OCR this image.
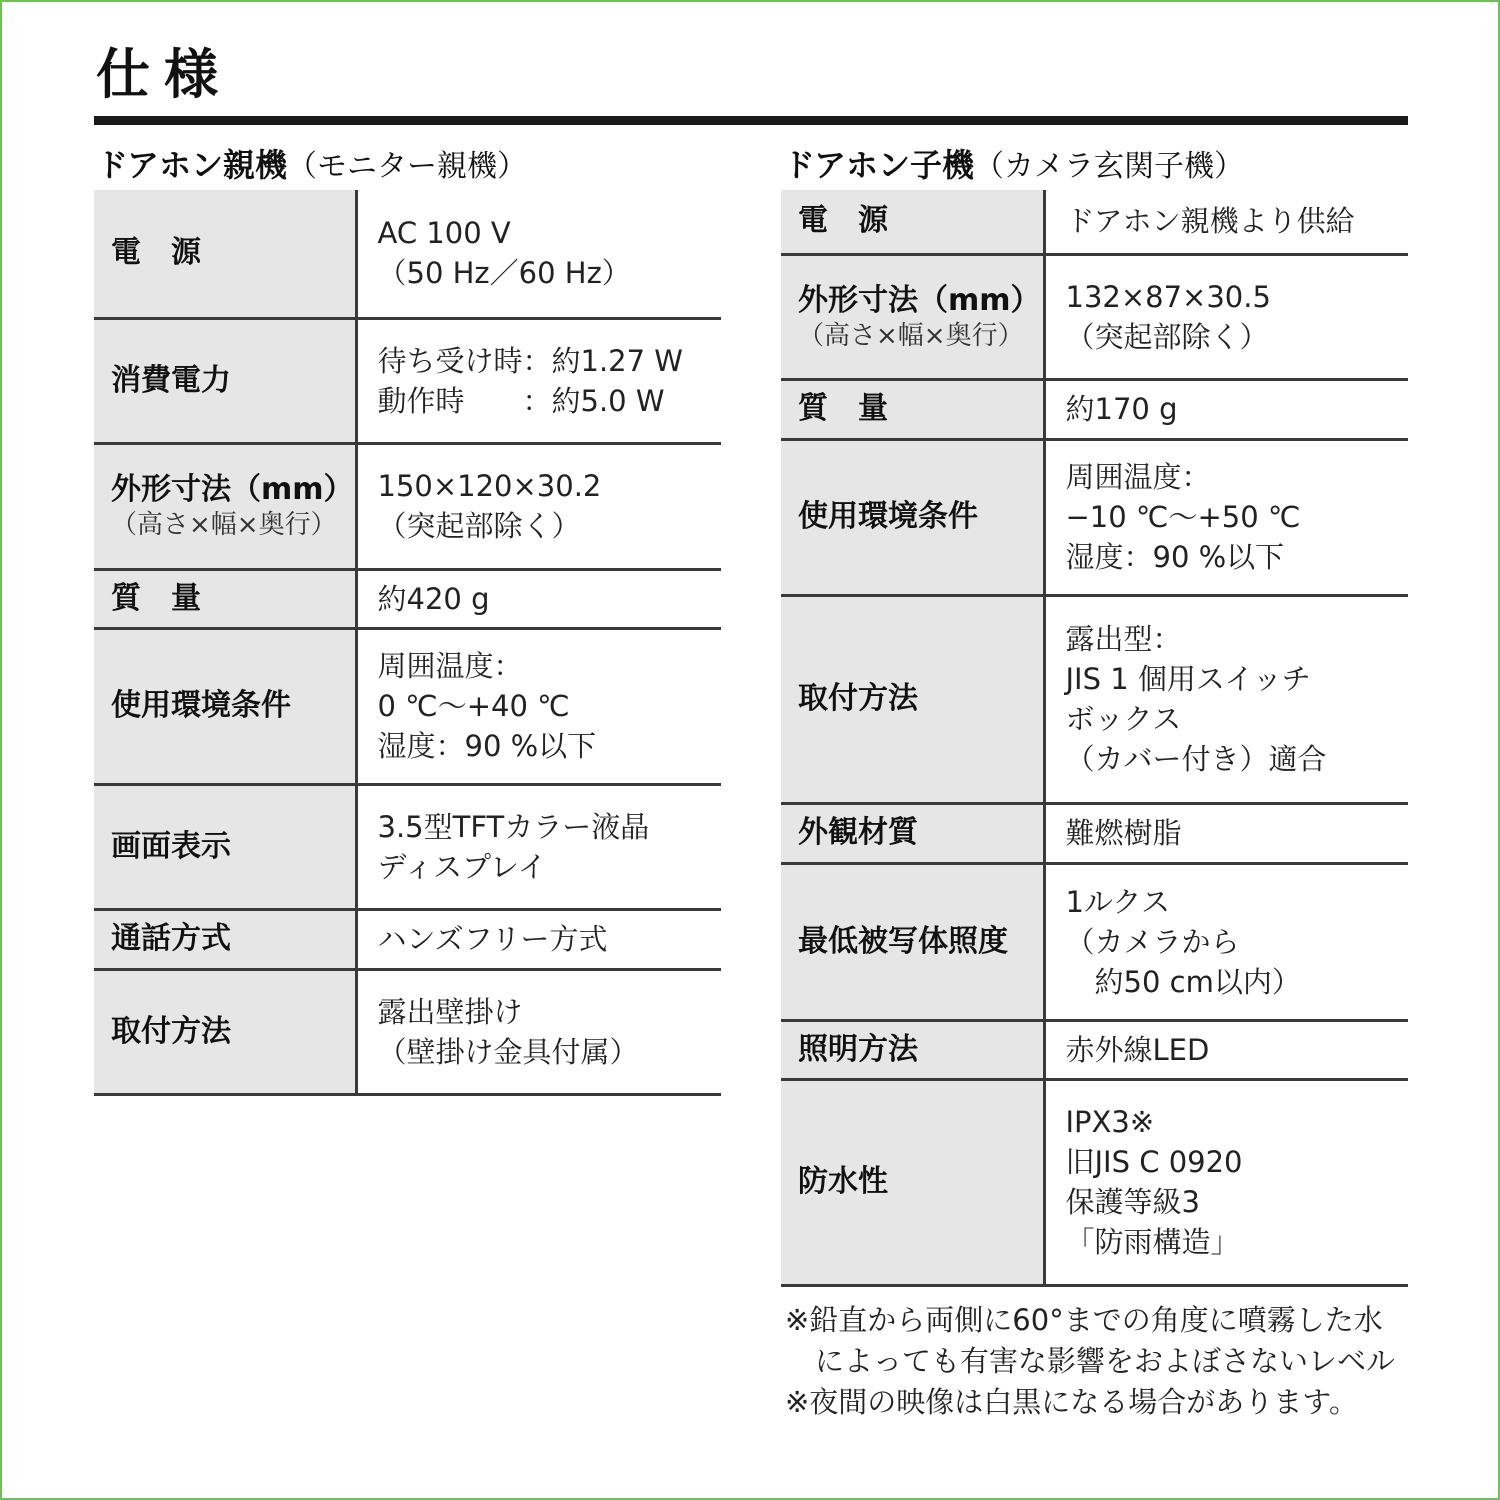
仕様
ドアホン親機（モニター親機）	ドアホン子機（カメラ玄関子機）
電　源	AC 100 V
（50 Hz／60 Hz）
消費電力	待ち受け時：約1.27 W
動作時　　：約5.0 W
外形寸法（mm）
（高さ×幅×奥行）	150×120×30.2
（突起部除く）
質　量	約420 g
使用環境条件	周囲温度：
0 ℃～+40 ℃
湿度：90 %以下
画面表示	3.5型TFTカラー液晶
ディスプレイ
通話方式	ハンズフリー方式
取付方法	露出壁掛け
（壁掛け金具付属）
電　源	ドアホン親機より供給
外形寸法（mm）
（高さ×幅×奥行）	132×87×30.5
（突起部除く）
質　量	約170 g
使用環境条件	周囲温度：
−10 ℃～+50 ℃
湿度：90 %以下
取付方法	露出型：
JIS 1 個用スイッチ
ボックス
（カバー付き）適合
外観材質	難燃樹脂
最低被写体照度	1ルクス
（カメラから
　約50 cm以内）
照明方法	赤外線LED
防水性	IPX3※
旧JIS C 0920
保護等級3
「防雨構造」
※鉛直から両側に60°までの角度に噴霧した水によっても有害な影響をおよぼさないレベル
※夜間の映像は白黒になる場合があります。
